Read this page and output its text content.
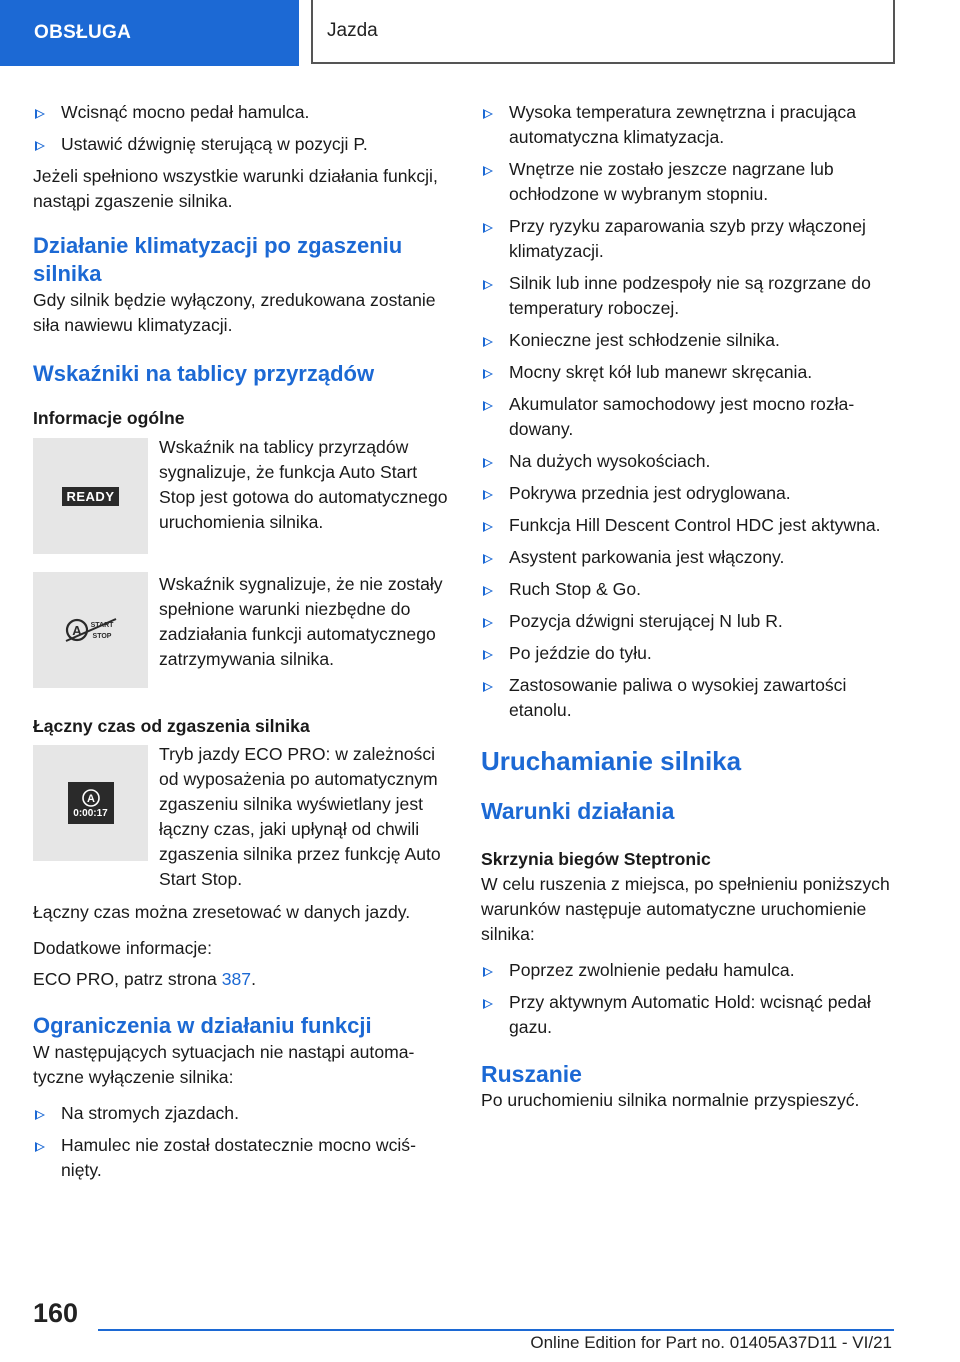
OBSŁUGA	Jazda
Wcisnąć mocno pedał hamulca.
Ustawić dźwignię sterującą w pozycji P.

Jeżeli spełniono wszystkie warunki działania funkcji, nastąpi zgaszenie silnika.

Działanie klimatyzacji po zgaszeniu silnika

Gdy silnik będzie wyłączony, zredukowana zostanie siła nawiewu klimatyzacji.

Wskaźniki na tablicy przyrządów
Informacje ogólne
READY

Wskaźnik na tablicy przyrządów sygnalizuje, że funkcja Auto Start Stop jest gotowa do automatycznego uruchomienia silnika.

A START
STOP

Wskaźnik sygnalizuje, że nie zostały spełnione warunki niezbędne do zadziałania funkcji automatycznego zatrzymywania silnika.

Łączny czas od zgaszenia silnika
A
0:00:17

Tryb jazdy ECO PRO: w zależności od wyposażenia po automatycznym zgaszeniu silnika wyświetlany jest łączny czas, jaki upłynął od chwili zgaszenia silnika przez funkcję Auto Start Stop.

Łączny czas można zresetować w danych jazdy.

Dodatkowe informacje:

ECO PRO, patrz strona 387.

Ograniczenia w działaniu funkcji

W następujących sytuacjach nie nastąpi automatyczne wyłączenie silnika:

Na stromych zjazdach.
Hamulec nie został dostatecznie mocno wciśnięty.
Wysoka temperatura zewnętrzna i pracująca automatyczna klimatyzacja.
Wnętrze nie zostało jeszcze nagrzane lub ochłodzone w wybranym stopniu.
Przy ryzyku zaparowania szyb przy włączonej klimatyzacji.
Silnik lub inne podzespoły nie są rozgrzane do temperatury roboczej.
Konieczne jest schłodzenie silnika.
Mocny skręt kół lub manewr skręcania.
Akumulator samochodowy jest mocno rozładowany.
Na dużych wysokościach.
Pokrywa przednia jest odryglowana.
Funkcja Hill Descent Control HDC jest aktywna.
Asystent parkowania jest włączony.
Ruch Stop & Go.
Pozycja dźwigni sterującej N lub R.
Po jeździe do tyłu.
Zastosowanie paliwa o wysokiej zawartości etanolu.
Uruchamianie silnika
Warunki działania
Skrzynia biegów Steptronic

W celu ruszenia z miejsca, po spełnieniu poniższych warunków następuje automatyczne uruchomienie silnika:

Poprzez zwolnienie pedału hamulca.
Przy aktywnym Automatic Hold: wcisnąć pedał gazu.
Ruszanie

Po uruchomieniu silnika normalnie przyspieszyć.

160
Online Edition for Part no. 01405A37D11 - VI/21
